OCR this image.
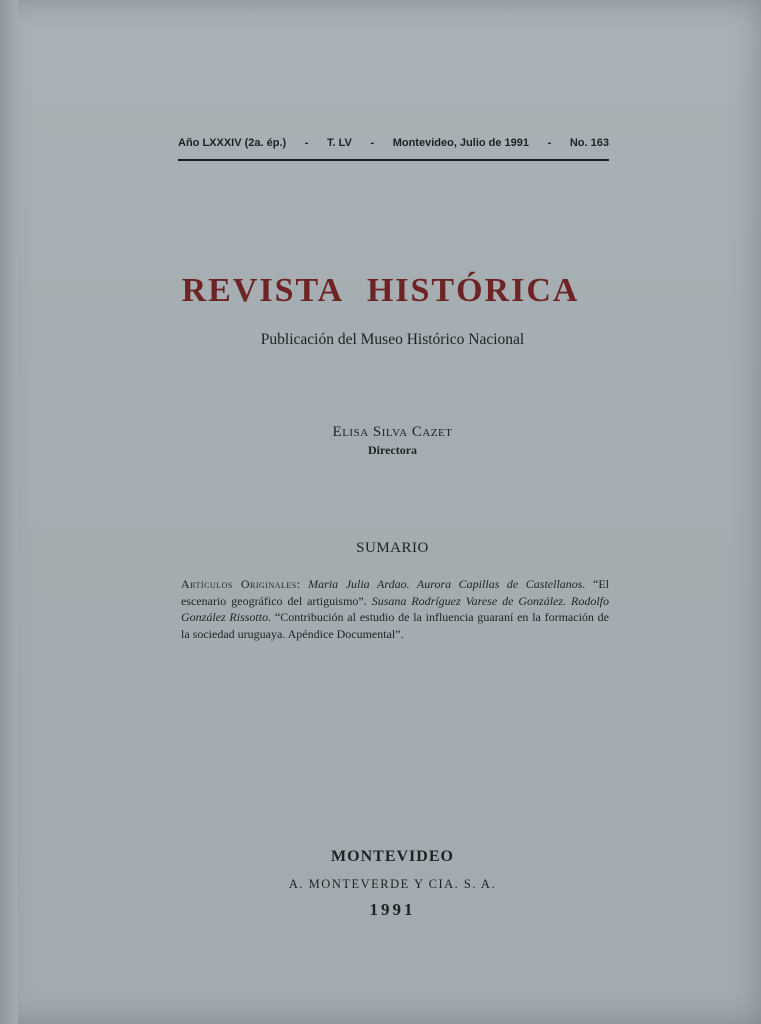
Año LXXXIV (2a. ép.) - T. LV - Montevideo, Julio de 1991 - No. 163
REVISTA HISTÓRICA
Publicación del Museo Histórico Nacional
Elisa Silva Cazet
Directora
SUMARIO
Artículos Originales: Maria Julia Ardao. Aurora Capillas de Castellanos. “El escenario geográfico del artiguismo”. Susana Rodríguez Varese de González. Rodolfo González Rissotto. “Contribución al estudio de la influencia guaraní en la formación de la sociedad uruguaya. Apéndice Documental”.
MONTEVIDEO
A. MONTEVERDE Y CIA. S. A.
1991
